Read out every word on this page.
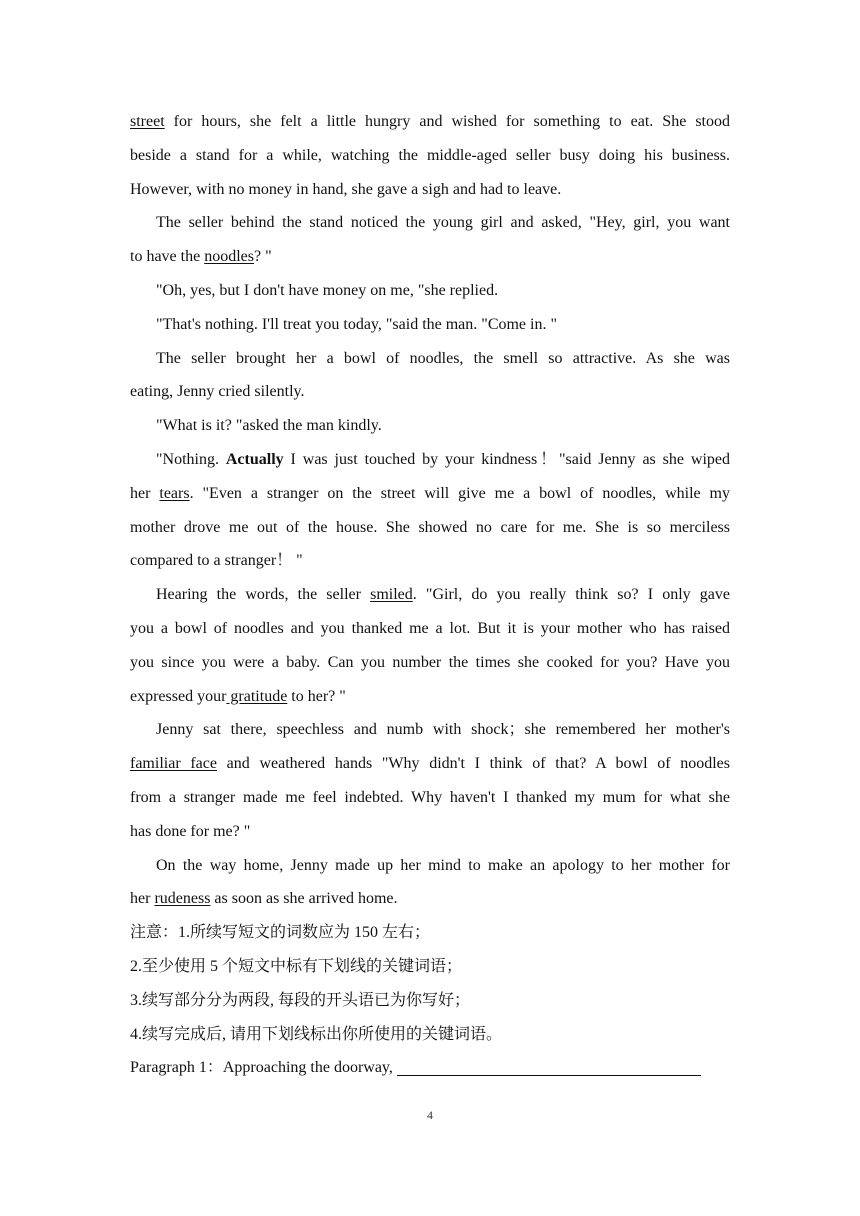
street for hours, she felt a little hungry and wished for something to eat. She stood
beside a stand for a while, watching the middle-aged seller busy doing his business.
However, with no money in hand, she gave a sigh and had to leave.
The seller behind the stand noticed the young girl and asked, "Hey, girl, you want
to have the noodles? "
"Oh, yes, but I don't have money on me, "she replied.
"That's nothing. I'll treat you today, "said the man. "Come in. "
The seller brought her a bowl of noodles, the smell so attractive. As she was
eating, Jenny cried silently.
"What is it? "asked the man kindly.
"Nothing. Actually I was just touched by your kindness！"said Jenny as she wiped
her tears. "Even a stranger on the street will give me a bowl of noodles, while my
mother drove me out of the house. She showed no care for me. She is so merciless
compared to a stranger！ "
Hearing the words, the seller smiled. "Girl, do you really think so? I only gave
you a bowl of noodles and you thanked me a lot. But it is your mother who has raised
you since you were a baby. Can you number the times she cooked for you? Have you
expressed your gratitude to her? "
Jenny sat there, speechless and numb with shock；she remembered her mother's
familiar face and weathered hands "Why didn't I think of that? A bowl of noodles
from a stranger made me feel indebted. Why haven't I thanked my mum for what she
has done for me? "
On the way home, Jenny made up her mind to make an apology to her mother for
her rudeness as soon as she arrived home.
注意：1.所续写短文的词数应为 150 左右；
2.至少使用 5 个短文中标有下划线的关键词语；
3.续写部分分为两段, 每段的开头语已为你写好；
4.续写完成后, 请用下划线标出你所使用的关键词语。
Paragraph 1：Approaching the doorway,
4
